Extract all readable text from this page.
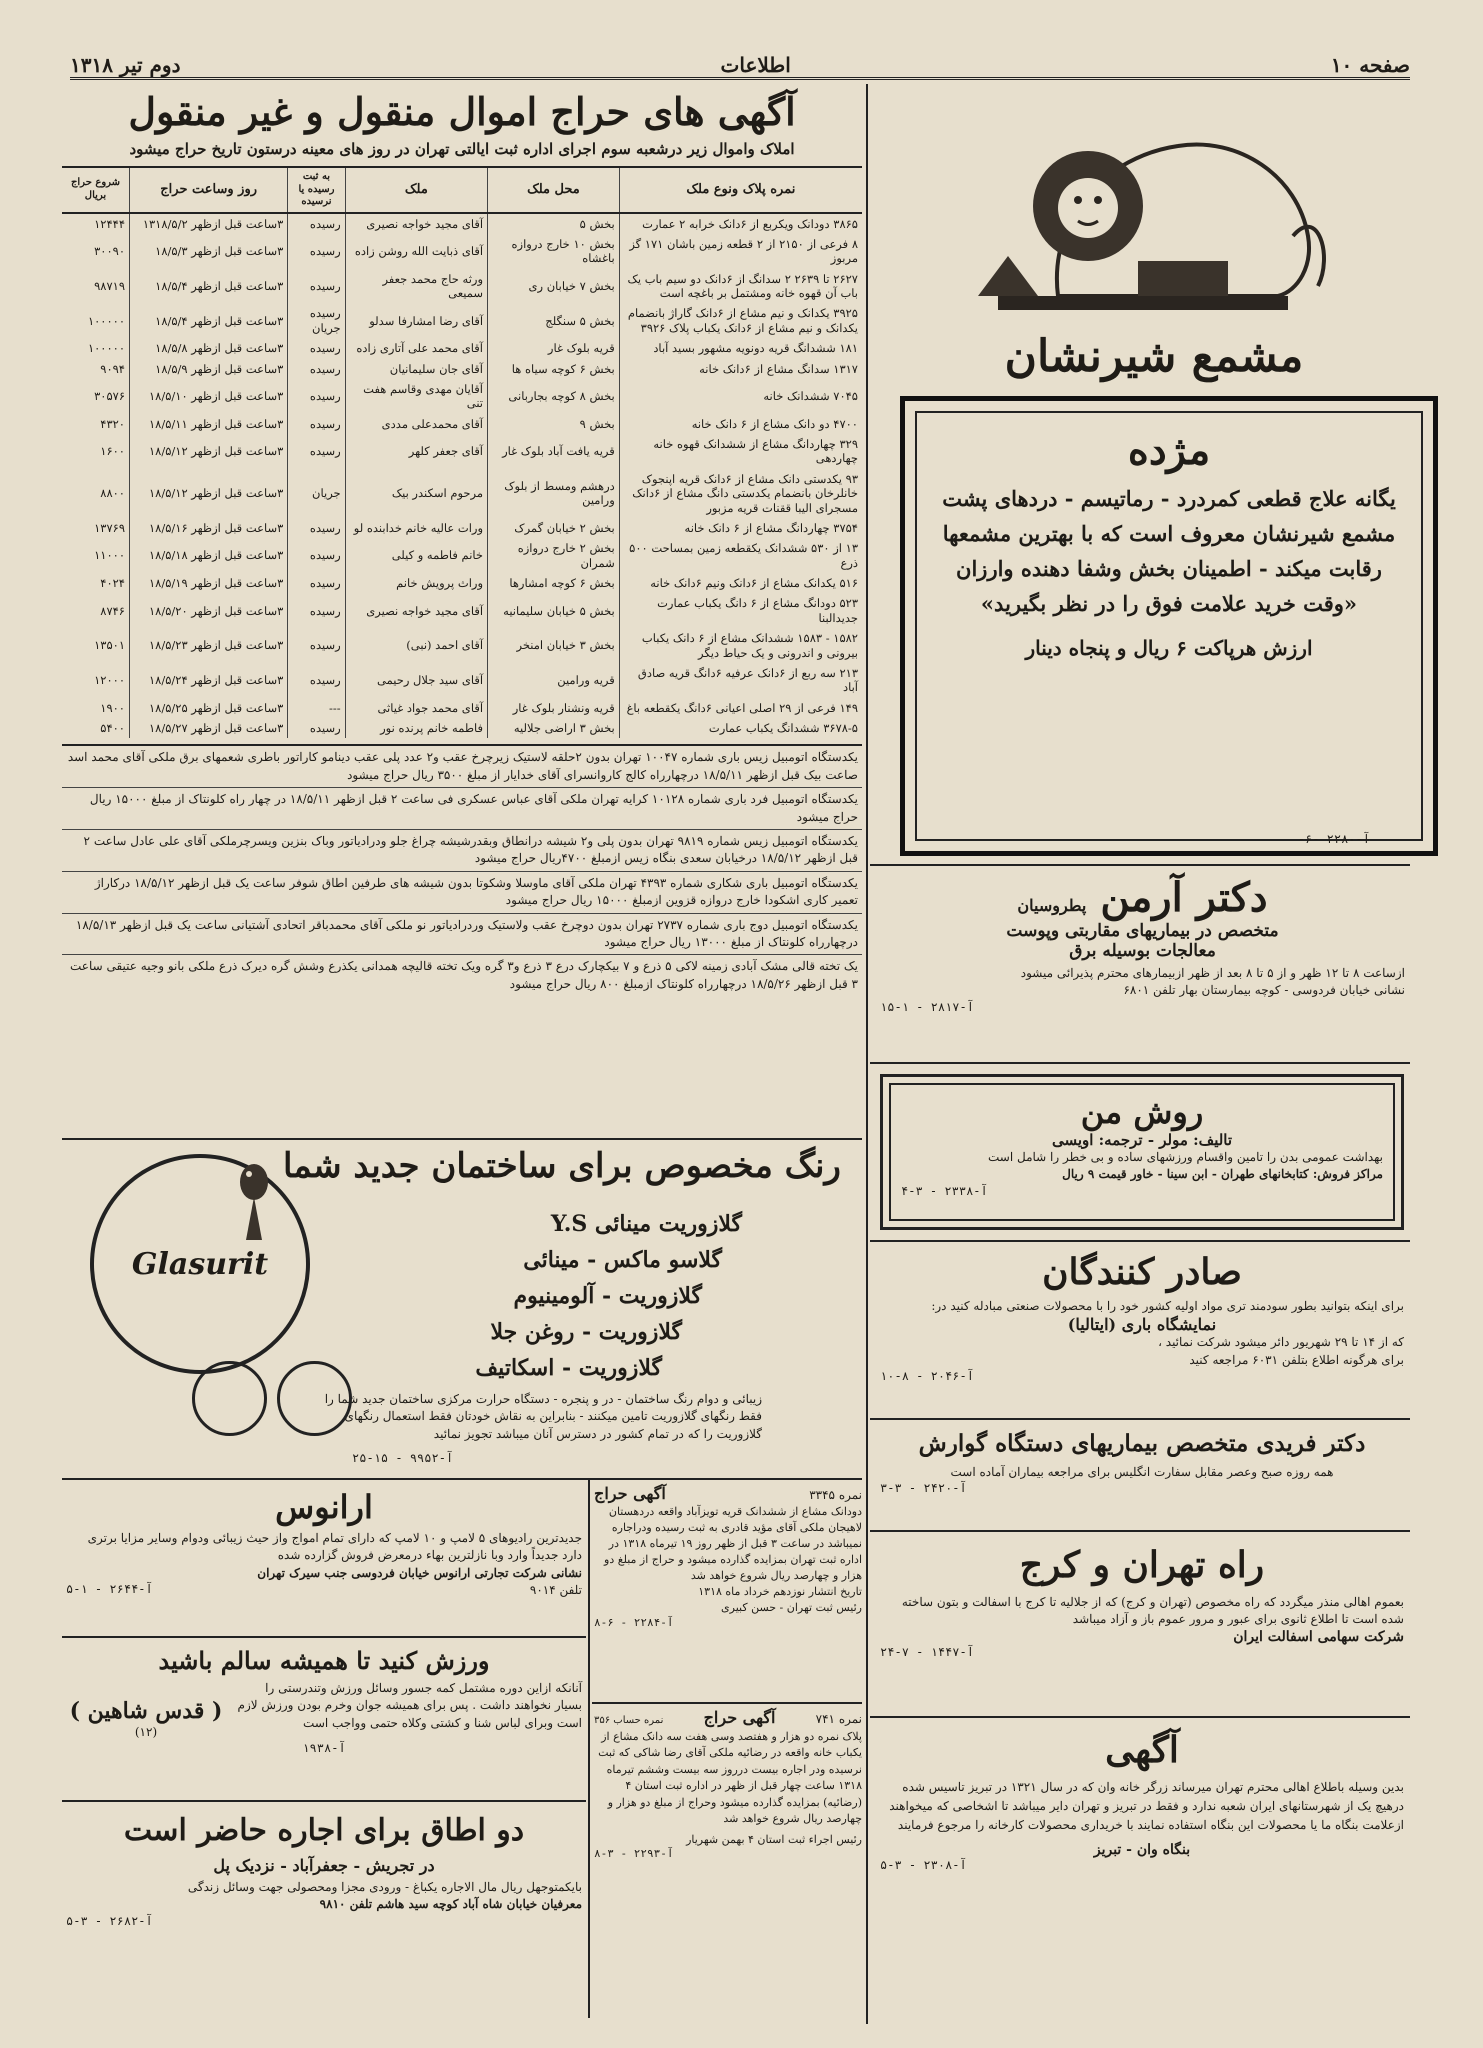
صفحه ۱۰
اطلاعات
دوم تیر ۱۳۱۸
آگهی های حراج اموال منقول و غیر منقول
املاک واموال زیر درشعبه سوم اجرای اداره ثبت ایالتی تهران در روز های معینه درستون تاریخ حراج میشود
نمره پلاک ونوع ملک	محل ملک	ملک	به ثبت رسیده یا نرسیده	روز وساعت حراج	شروع حراج بریال
۳۸۶۵ دودانک ویکربع از ۶دانک خرابه ۲ عمارت	بخش ۵	آقای مجید خواجه نصیری	رسیده	۳ساعت قبل ازظهر ۱۳۱۸/۵/۲	۱۲۴۴۴
۸ فرعی از ۲۱۵۰ از ۲ قطعه زمین باشان ۱۷۱ گز مربوز	بخش ۱۰ خارج دروازه باغشاه	آقای ذبایت الله روشن زاده	رسیده	۳ساعت قبل ازظهر ۱۸/۵/۳	۳۰۰۹۰
۲۶۲۷ تا ۲۶۳۹ ۲ سدانگ از ۶دانک دو سیم باب یک باب آن قهوه خانه ومشتمل بر باغچه است	بخش ۷ خیابان ری	ورثه حاج محمد جعفر سمیعی	رسیده	۳ساعت قبل ازظهر ۱۸/۵/۴	۹۸۷۱۹
۳۹۲۵ یکدانک و نیم مشاع از ۶دانک گاراژ بانضمام یکدانک و نیم مشاع از ۶دانک یکباب پلاک ۳۹۲۶	بخش ۵ سنگلج	آقای رضا امشارفا سدلو	رسیده جریان	۳ساعت قبل ازظهر ۱۸/۵/۴	۱۰۰۰۰۰
۱۸۱ ششدانگ قریه دونویه مشهور بسید آباد	قریه بلوک غار	آقای محمد علی آتاری زاده	رسیده	۳ساعت قبل ازظهر ۱۸/۵/۸	۱۰۰۰۰۰
۱۳۱۷ سدانگ مشاع از ۶دانک خانه	بخش ۶ کوچه سیاه ها	آقای جان سلیمانیان	رسیده	۳ساعت قبل ازظهر ۱۸/۵/۹	۹۰۹۴
۷۰۴۵ ششدانک خانه	بخش ۸ کوچه بجاربانی	آقایان مهدی وقاسم هفت تنی	رسیده	۳ساعت قبل ازظهر ۱۸/۵/۱۰	۳۰۵۷۶
۴۷۰۰ دو دانک مشاع از ۶ دانک خانه	بخش ۹	آقای محمدعلی مددی	رسیده	۳ساعت قبل ازظهر ۱۸/۵/۱۱	۴۳۲۰
۳۲۹ چهاردانگ مشاع از ششدانک قهوه خانه چهاردهی	قریه یافت آباد بلوک غار	آقای جعفر کلهر	رسیده	۳ساعت قبل ازظهر ۱۸/۵/۱۲	۱۶۰۰
۹۳ یکدستی دانک مشاع از ۶دانک قریه اپنجوک خانلرخان بانضمام یکدستی دانگ مشاع از ۶دانک مسجرای الیبا ققنات قریه مزبور	درهشم ومسط از بلوک ورامین	مرحوم اسکندر بیک	جریان	۳ساعت قبل ازظهر ۱۸/۵/۱۲	۸۸۰۰
۳۷۵۴ چهاردانگ مشاع از ۶ دانک خانه	بخش ۲ خیابان گمرک	ورات عالیه خانم خدابنده لو	رسیده	۳ساعت قبل ازظهر ۱۸/۵/۱۶	۱۳۷۶۹
۱۳ از ۵۳۰ ششدانک یکقطعه زمین بمساحت ۵۰۰ ذرع	بخش ۲ خارج دروازه شمران	خانم فاطمه و کیلی	رسیده	۳ساعت قبل ازظهر ۱۸/۵/۱۸	۱۱۰۰۰
۵۱۶ یکدانک مشاع از ۶دانک ونیم ۶دانک خانه	بخش ۶ کوچه امشارها	وراث پرویش خانم	رسیده	۳ساعت قبل ازظهر ۱۸/۵/۱۹	۴۰۲۴
۵۲۳ دودانگ مشاع از ۶ دانگ یکباب عمارت جدیدالبنا	بخش ۵ خیابان سلیمانیه	آقای مجید خواجه نصیری	رسیده	۳ساعت قبل ازظهر ۱۸/۵/۲۰	۸۷۴۶
۱۵۸۲ - ۱۵۸۳ ششدانک مشاع از ۶ دانک یکباب بیرونی و اندرونی و یک حیاط دیگر	بخش ۳ خیابان امنخر	آقای احمد (نبی)	رسیده	۳ساعت قبل ازظهر ۱۸/۵/۲۳	۱۳۵۰۱
۲۱۳ سه ربع از ۶دانک عرفیه ۶دانگ قریه صادق آباد	قریه ورامین	آقای سید جلال رحیمی	رسیده	۳ساعت قبل ازظهر ۱۸/۵/۲۴	۱۲۰۰۰
۱۴۹ فرعی از ۲۹ اصلی اعیانی ۶دانگ یکقطعه باغ	قریه ونشنار بلوک غار	آقای محمد جواد غیاثی	---	۳ساعت قبل ازظهر ۱۸/۵/۲۵	۱۹۰۰
۳۶۷۸-۵ ششدانگ یکباب عمارت	بخش ۳ اراضی جلالیه	فاطمه خانم پرنده نور	رسیده	۳ساعت قبل ازظهر ۱۸/۵/۲۷	۵۴۰۰
یکدستگاه اتومبیل زیس باری شماره ۱۰۰۴۷ تهران بدون ۲حلقه لاستیک زیرچرخ عقب و۲ عدد پلی عقب دینامو کاراتور باطری شعمهای برق ملکی آقای محمد اسد صاعت بیک قبل ازظهر ۱۸/۵/۱۱ درچهارراه کالج کاروانسرای آقای خدایار از مبلغ ۳۵۰۰ ریال حراج میشود
یکدستگاه اتومبیل فرد باری شماره ۱۰۱۲۸ کرایه تهران ملکی آقای عباس عسکری فی ساعت ۲ قبل ازظهر ۱۸/۵/۱۱ در چهار راه کلونتاک از مبلغ ۱۵۰۰۰ ریال حراج میشود
یکدستگاه اتومبیل زیس شماره ۹۸۱۹ تهران بدون پلی و۲ شیشه درانطاق وبقدرشیشه چراغ جلو ودرادیاتور وباک بنزین ویسرچرملکی آقای علی عادل ساعت ۲ قبل ازظهر ۱۸/۵/۱۲ درخیابان سعدی بنگاه زیس ازمبلغ ۴۷۰۰ریال حراج میشود
یکدستگاه اتومبیل باری شکاری شماره ۴۳۹۳ تهران ملکی آقای ماوسلا وشکوتا بدون شیشه های طرفین اطاق شوفر ساعت یک قبل ازظهر ۱۸/۵/۱۲ درکاراژ تعمیر کاری اشکودا خارج دروازه قزوین ازمبلغ ۱۵۰۰۰ ریال حراج میشود
یکدستگاه اتومبیل دوج باری شماره ۲۷۳۷ تهران بدون دوچرخ عقب ولاستیک وردرادیاتور نو ملکی آقای محمدباقر اتحادی آشتیانی ساعت یک قبل ازظهر ۱۸/۵/۱۳ درچهارراه کلونتاک از مبلغ ۱۳۰۰۰ ریال حراج میشود
یک تخته قالی مشک آبادی زمینه لاکی ۵ ذرع و ۷ بیکچارک درع ۳ ذرع و۳ گره ویک تخته قالیچه همدانی یکذرع وشش گره دیرک ذرع ملکی بانو وجیه عتیقی ساعت ۳ قبل ازظهر ۱۸/۵/۲۶ درچهارراه کلونتاک ازمبلغ ۸۰۰ ریال حراج میشود
مشمع شیرنشان
مژده
یگانه علاج قطعی کمردرد - رماتیسم - دردهای پشت
مشمع شیرنشان معروف است که با بهترین مشمعها
رقابت میکند - اطمینان بخش وشفا دهنده وارزان
«وقت خرید علامت فوق را در نظر بگیرید»
ارزش هرپاکت ۶ ریال و پنجاه دینار
آ-۲۲۸۰ -۶-
دکتر آرمن
پطروسیان
متخصص در بیماریهای مقاربتی وپوست
معالجات بوسیله برق
ازساعت ۸ تا ۱۲ ظهر و از ۵ تا ۸ بعد از ظهر ازبیمارهای محترم پذیرائی میشود
نشانی خیابان فردوسی - کوچه بیمارستان بهار تلفن ۶۸۰۱
آ-۲۸۱۷ - ۱-۱۵
روش من
تالیف: مولر - ترجمه: اویسی
بهداشت عمومی بدن را تامین واقسام ورزشهای ساده و بی خطر را شامل است
مراکز فروش: کتابخانهای طهران - ابن سینا - خاور قیمت ۹ ریال
آ-۲۳۳۸ - ۳-۴
صادر کنندگان
برای اینکه بتوانید بطور سودمند تری مواد اولیه کشور خود را با محصولات صنعتی مبادله کنید در:
نمایشگاه باری (ایتالیا)
که از ۱۴ تا ۲۹ شهریور دائر میشود شرکت نمائید ،
برای هرگونه اطلاع بتلفن ۶۰۳۱ مراجعه کنید
آ-۲۰۴۶ - ۸-۱۰
دکتر فریدی متخصص بیماریهای دستگاه گوارش
همه روزه صبح وعصر مقابل سفارت انگلیس برای مراجعه بیماران آماده است
آ-۲۴۲۰ - ۳-۳
راه تهران و کرج
بعموم اهالی منذر میگردد که راه مخصوص (تهران و کرج) که از جلالیه تا کرج با اسفالت و بتون ساخته شده است تا اطلاع ثانوی برای عبور و مرور عموم باز و آزاد میباشد
شرکت سهامی اسفالت ایران
آ-۱۴۴۷ - ۷-۲۴
آگهی
بدین وسیله باطلاع اهالی محترم تهران میرساند زرگر خانه وان که در سال ۱۳۲۱ در تبریز تاسیس شده درهیچ یک از شهرستانهای ایران شعبه ندارد و فقط در تبریز و تهران دایر میباشد تا اشخاصی که میخواهند ازعلامت بنگاه ما یا محصولات این بنگاه استفاده نمایند با خریداری محصولات کارخانه را مرجوع فرمایند
بنگاه وان - تبریز
آ-۲۳۰۸ - ۳-۵
رنگ مخصوص برای ساختمان جدید شما
گلازوریت مینائی Y.S
گلاسو ماکس - مینائی
گلازوریت - آلومینیوم
گلازوریت - روغن جلا
گلازوریت - اسکاتیف
زیبائی و دوام رنگ ساختمان - در و پنجره - دستگاه حرارت مرکزی ساختمان جدید شما را فقط رنگهای گلازوریت تامین میکنند - بنابراین به نقاش خودتان فقط استعمال رنگهای گلازوریت را که در تمام کشور در دسترس آنان میباشد تجویز نمائید
آ-۹۹۵۲ - ۱۵-۲۵
Glasurit
ارانوس
جدیدترین رادیوهای ۵ لامپ و ۱۰ لامپ که دارای تمام امواج واز حیث زیبائی ودوام وسایر مزایا برتری دارد جدیداً وارد وبا نازلترین بهاء درمعرض فروش گزارده شده
نشانی شرکت تجارتی ارانوس خیابان فردوسی جنب سیرک تهران
تلفن ۹۰۱۴
آ-۲۶۴۴ - ۱-۵
ورزش کنید تا همیشه سالم باشید
آنانکه ازاین دوره مشتمل کمه جسور وسائل ورزش وتندرستی را بسیار نخواهند داشت . پس برای همیشه جوان وخرم بودن ورزش لازم است وبرای لباس شنا و کشتی وکلاه حتمی وواجب است
( قدس شاهین )
(۱۲)
آ-۱۹۳۸
دو اطاق برای اجاره حاضر است
در تجریش - جعفرآباد - نزدیک پل
بایکمتوجهل ریال مال الاجاره یکباغ - ورودی مجزا ومحصولی جهت وسائل زندگی
معرفیان خیابان شاه آباد کوچه سید هاشم تلفن ۹۸۱۰
آ-۲۶۸۲ - ۳-۵
نمره ۳۳۴۵
آگهی حراج
دودانک مشاع از ششدانک قریه تویزآباد واقعه دردهستان لاهیجان ملکی آقای مؤید قادری به ثبت رسیده ودراجاره نمیباشد در ساعت ۳ قبل از ظهر روز ۱۹ تیرماه ۱۳۱۸ در اداره ثبت تهران بمزایده گذارده میشود و حراج از مبلغ دو هزار و چهارصد ریال شروع خواهد شد
تاریخ انتشار نوزدهم خرداد ماه ۱۳۱۸
رئیس ثبت تهران - حسن کبیری
آ-۲۲۸۴ - ۶-۸
نمره ۷۴۱
آگهی حراج
نمره حساب ۳۵۶
پلاک نمره دو هزار و هفتصد وسی هفت سه دانک مشاع از یکباب خانه واقعه در رضائیه ملکی آقای رضا شاکی که ثبت نرسیده ودر اجاره بیست درروز سه بیست وششم تیرماه ۱۳۱۸ ساعت چهار قبل از ظهر در اداره ثبت استان ۴ (رضائیه) بمزایده گذارده میشود وحراج از مبلغ دو هزار و چهارصد ریال شروع خواهد شد
رئیس اجراء ثبت استان ۴ بهمن شهریار
آ-۲۲۹۳ - ۳-۸
